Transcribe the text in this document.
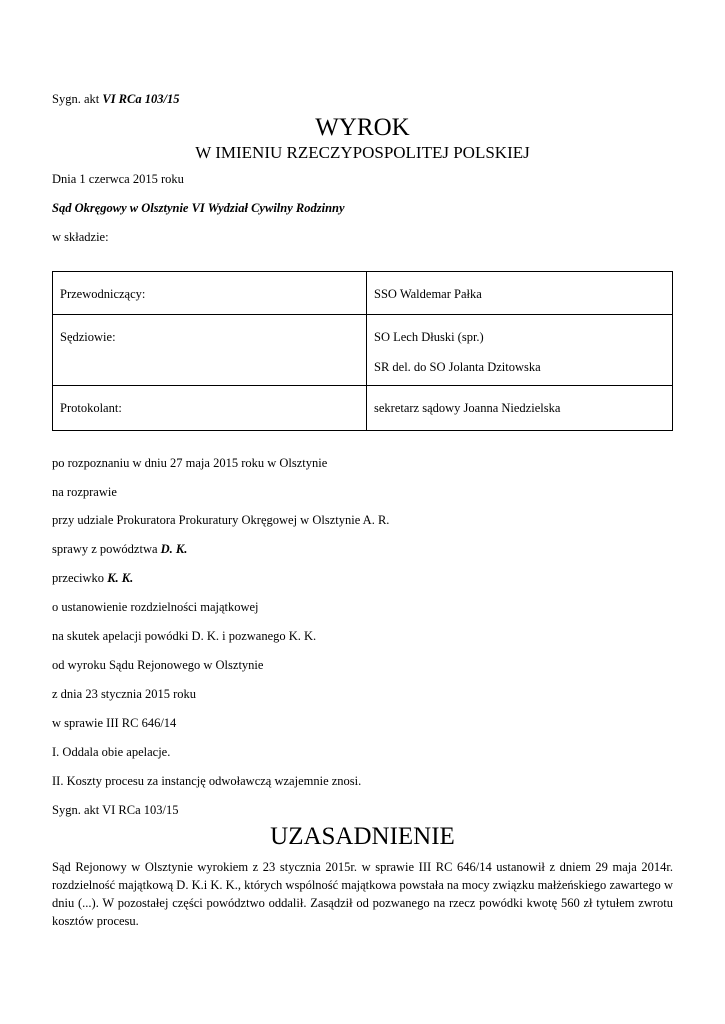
Sygn. akt VI RCa 103/15
WYROK
W IMIENIU RZECZYPOSPOLITEJ POLSKIEJ
Dnia 1 czerwca 2015 roku
Sąd Okręgowy w Olsztynie VI Wydział Cywilny Rodzinny
w składzie:
Przewodniczący:	SSO Waldemar Pałka

Sędziowie:	SO Lech Dłuski (spr.)
SR del. do SO Jolanta Dzitowska

Protokolant:	sekretarz sądowy Joanna Niedzielska
po rozpoznaniu w dniu 27 maja 2015 roku w Olsztynie
na rozprawie
przy udziale Prokuratora Prokuratury Okręgowej w Olsztynie A. R.
sprawy z powództwa D. K.
przeciwko K. K.
o ustanowienie rozdzielności majątkowej
na skutek apelacji powódki D. K. i pozwanego K. K.
od wyroku Sądu Rejonowego w Olsztynie
z dnia 23 stycznia 2015 roku
w sprawie III RC 646/14
I. Oddala obie apelacje.
II. Koszty procesu za instancję odwoławczą wzajemnie znosi.
Sygn. akt VI RCa 103/15
UZASADNIENIE
Sąd Rejonowy w Olsztynie wyrokiem z 23 stycznia 2015r. w sprawie III RC 646/14 ustanowił z dniem 29 maja 2014r. rozdzielność majątkową D. K.i K. K., których wspólność majątkowa powstała na mocy związku małżeńskiego zawartego w dniu (...). W pozostałej części powództwo oddalił. Zasądził od pozwanego na rzecz powódki kwotę 560 zł tytułem zwrotu kosztów procesu.
